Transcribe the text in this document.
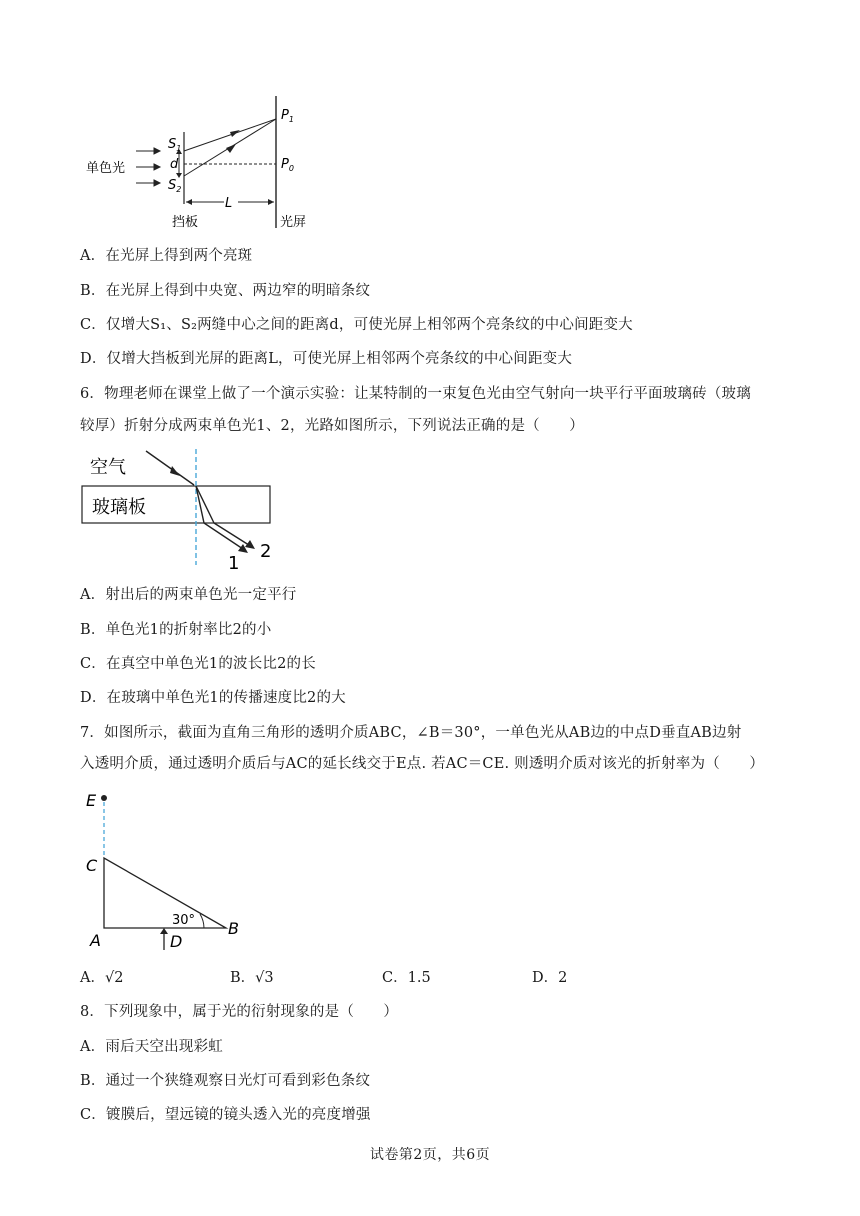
单色光
$S_1$
d
$S_2$
$P_1$
$P_0$
L
挡板	光屏
A．在光屏上得到两个亮斑
B．在光屏上得到中央宽、两边窄的明暗条纹
C．仅增大S₁、S₂两缝中心之间的距离d，可使光屏上相邻两个亮条纹的中心间距变大
D．仅增大挡板到光屏的距离L，可使光屏上相邻两个亮条纹的中心间距变大
6．物理老师在课堂上做了一个演示实验：让某特制的一束复色光由空气射向一块平行平面玻璃砖（玻璃
较厚）折射分成两束单色光1、2，光路如图所示，下列说法正确的是（　　）
空气
玻璃板
1
2
A．射出后的两束单色光一定平行
B．单色光1的折射率比2的小
C．在真空中单色光1的波长比2的长
D．在玻璃中单色光1的传播速度比2的大
7．如图所示，截面为直角三角形的透明介质ABC，∠B＝30°，一单色光从AB边的中点D垂直AB边射
入透明介质，通过透明介质后与AC的延长线交于E点. 若AC＝CE. 则透明介质对该光的折射率为（　　）
E
30°
C
A
B
D
A．√2	B．√3	C．1.5	D．2
8．下列现象中，属于光的衍射现象的是（　　）
A．雨后天空出现彩虹
B．通过一个狭缝观察日光灯可看到彩色条纹
C．镀膜后，望远镜的镜头透入光的亮度增强
试卷第2页，共6页
